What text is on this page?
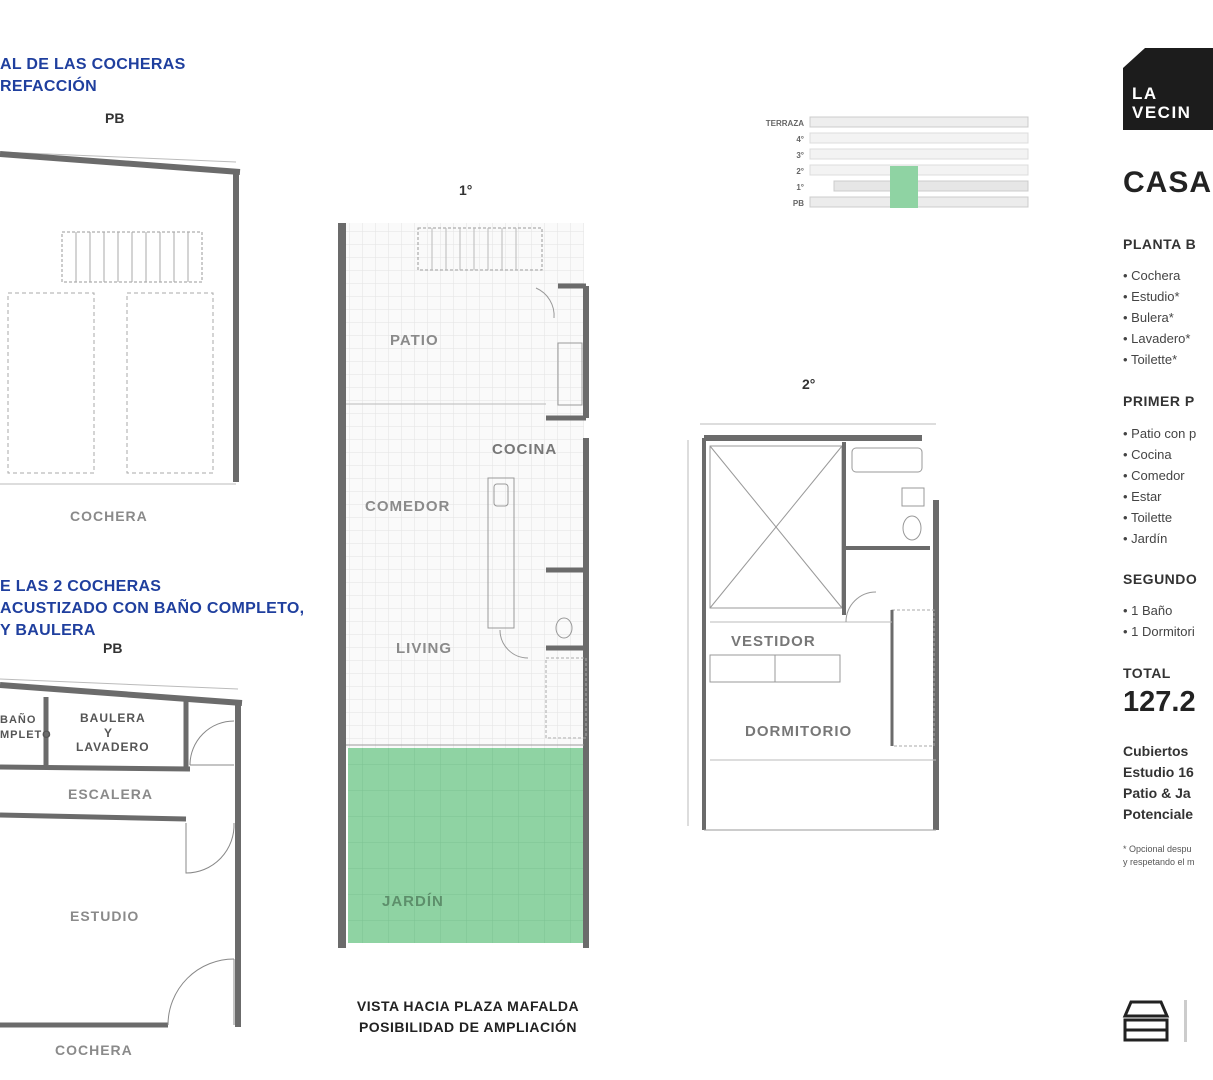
AL DE LAS COCHERAS
REFACCIÓN
PB
COCHERA
E LAS 2 COCHERAS
ACUSTIZADO CON BAÑO COMPLETO,
Y BAULERA
PB
BAÑO
MPLETO
BAULERA
Y
LAVADERO
ESCALERA
ESTUDIO
COCHERA
1°
PATIO
COCINA
COMEDOR
LIVING
JARDÍN
VISTA HACIA PLAZA MAFALDA
POSIBILIDAD DE AMPLIACIÓN
TERRAZA
4°
3°
2°
1°
PB
2°
VESTIDOR
DORMITORIO
LA
VECIN
CASA
PLANTA B
• Cochera
• Estudio*
• Bulera*
• Lavadero*
• Toilette*
PRIMER P
• Patio con p
• Cocina
• Comedor
• Estar
• Toilette
• Jardín
SEGUNDO
• 1 Baño
• 1 Dormitori
TOTAL
127.2
Cubiertos
Estudio 16
Patio & Ja
Potenciale
* Opcional despu
y respetando el m
